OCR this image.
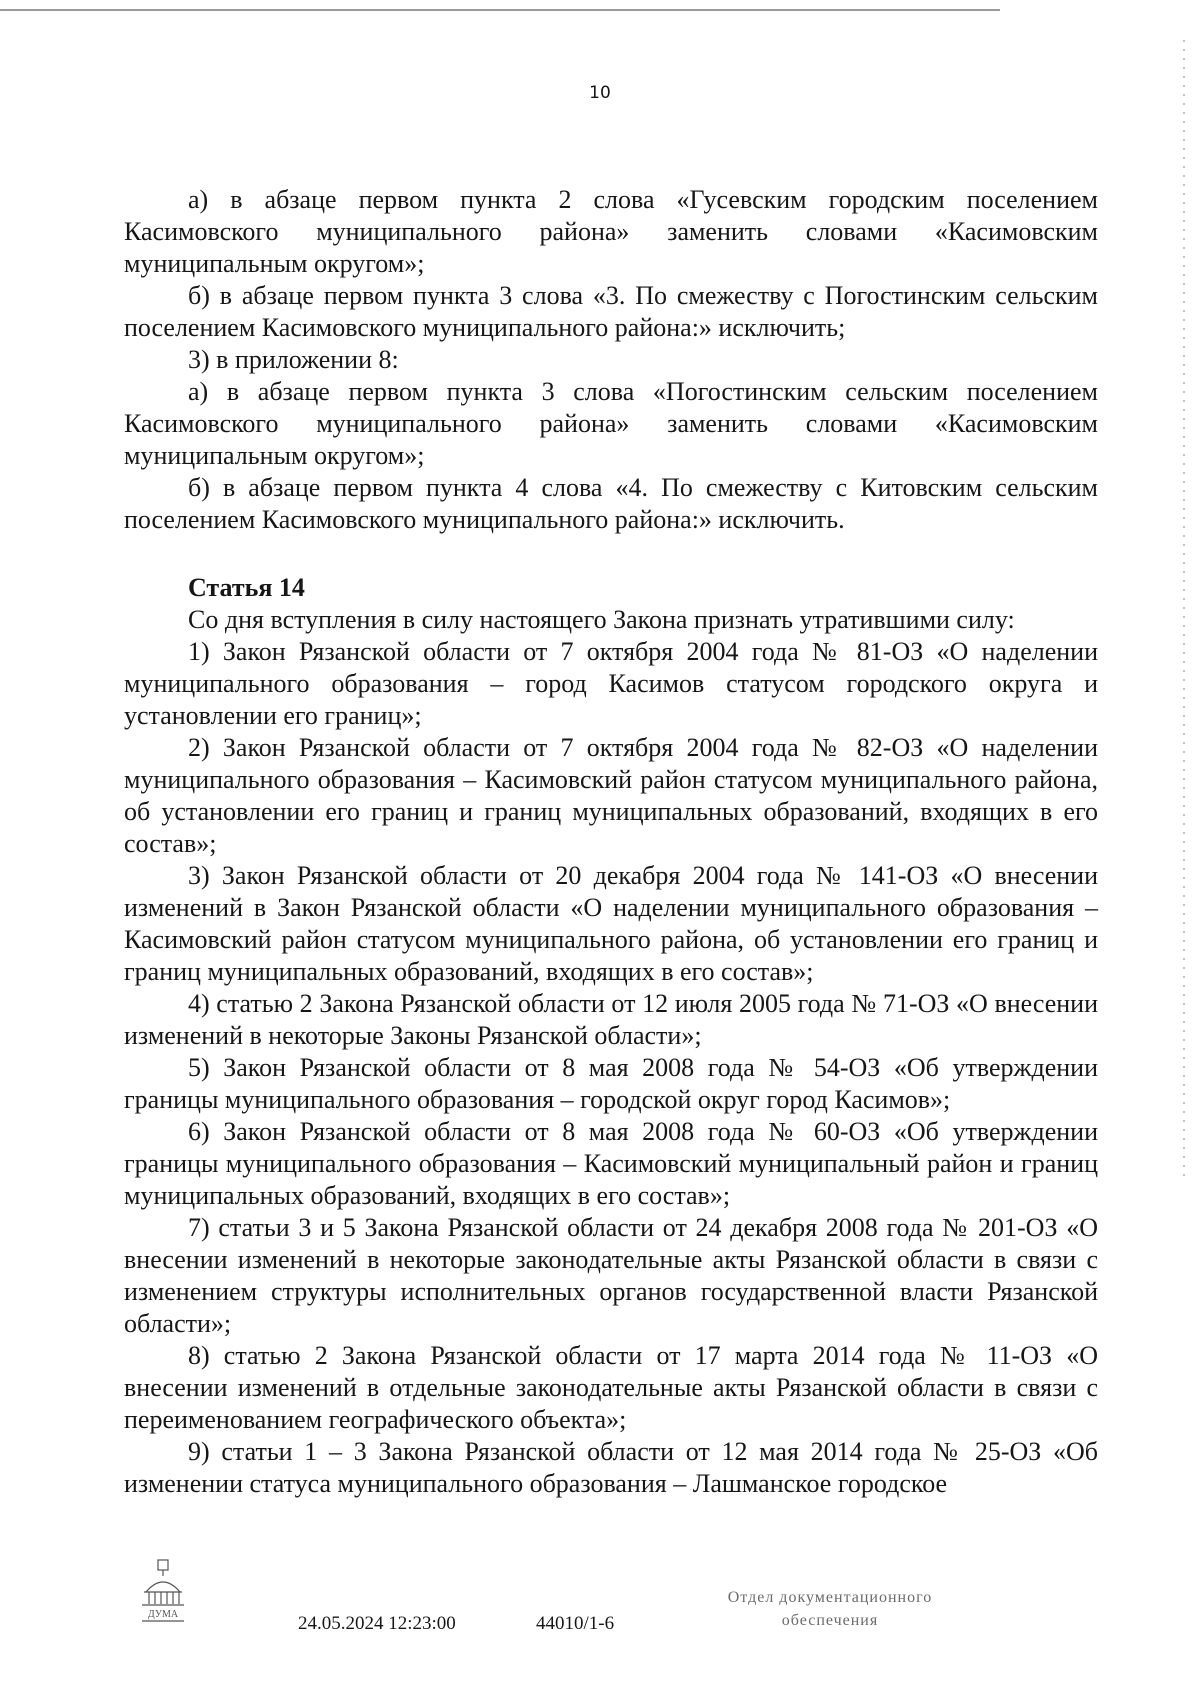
10

а) в абзаце первом пункта 2 слова «Гусевским городским поселением Касимовского муниципального района» заменить словами «Касимовским муниципальным округом»;

б) в абзаце первом пункта 3 слова «3. По смежеству с Погостинским сельским поселением Касимовского муниципального района:» исключить;

3) в приложении 8:

а) в абзаце первом пункта 3 слова «Погостинским сельским поселением Касимовского муниципального района» заменить словами «Касимовским муниципальным округом»;

б) в абзаце первом пункта 4 слова «4. По смежеству с Китовским сельским поселением Касимовского муниципального района:» исключить.

Статья 14

Со дня вступления в силу настоящего Закона признать утратившими силу:

1) Закон Рязанской области от 7 октября 2004 года № 81-ОЗ «О наделении муниципального образования – город Касимов статусом городского округа и установлении его границ»;

2) Закон Рязанской области от 7 октября 2004 года № 82-ОЗ «О наделении муниципального образования – Касимовский район статусом муниципального района, об установлении его границ и границ муниципальных образований, входящих в его состав»;

3) Закон Рязанской области от 20 декабря 2004 года № 141-ОЗ «О внесении изменений в Закон Рязанской области «О наделении муниципального образования – Касимовский район статусом муниципального района, об установлении его границ и границ муниципальных образований, входящих в его состав»;

4) статью 2 Закона Рязанской области от 12 июля 2005 года № 71-ОЗ «О внесении изменений в некоторые Законы Рязанской области»;

5) Закон Рязанской области от 8 мая 2008 года № 54-ОЗ «Об утверждении границы муниципального образования – городской округ город Касимов»;

6) Закон Рязанской области от 8 мая 2008 года № 60-ОЗ «Об утверждении границы муниципального образования – Касимовский муниципальный район и границ муниципальных образований, входящих в его состав»;

7) статьи 3 и 5 Закона Рязанской области от 24 декабря 2008 года № 201-ОЗ «О внесении изменений в некоторые законодательные акты Рязанской области в связи с изменением структуры исполнительных органов государственной власти Рязанской области»;

8) статью 2 Закона Рязанской области от 17 марта 2014 года № 11-ОЗ «О внесении изменений в отдельные законодательные акты Рязанской области в связи с переименованием географического объекта»;

9) статьи 1 – 3 Закона Рязанской области от 12 мая 2014 года № 25-ОЗ «Об изменении статуса муниципального образования – Лашманское городское

ДУМА	24.05.2024 12:23:00	44010/1-6
Отдел документационного
обеспечения
